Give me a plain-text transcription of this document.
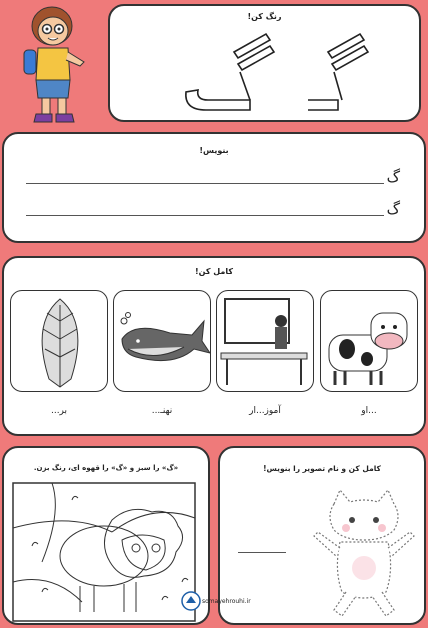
رنگ کن!
بنویس!
گ
گ
کامل کن!
بر...	نهنـ...	آموز...ار	...او
«گ» را سبز و «گ» را قهوه ای، رنگ بزن.	کامل کن و نام تصویر را بنویس!
somayehrouhi.ir
